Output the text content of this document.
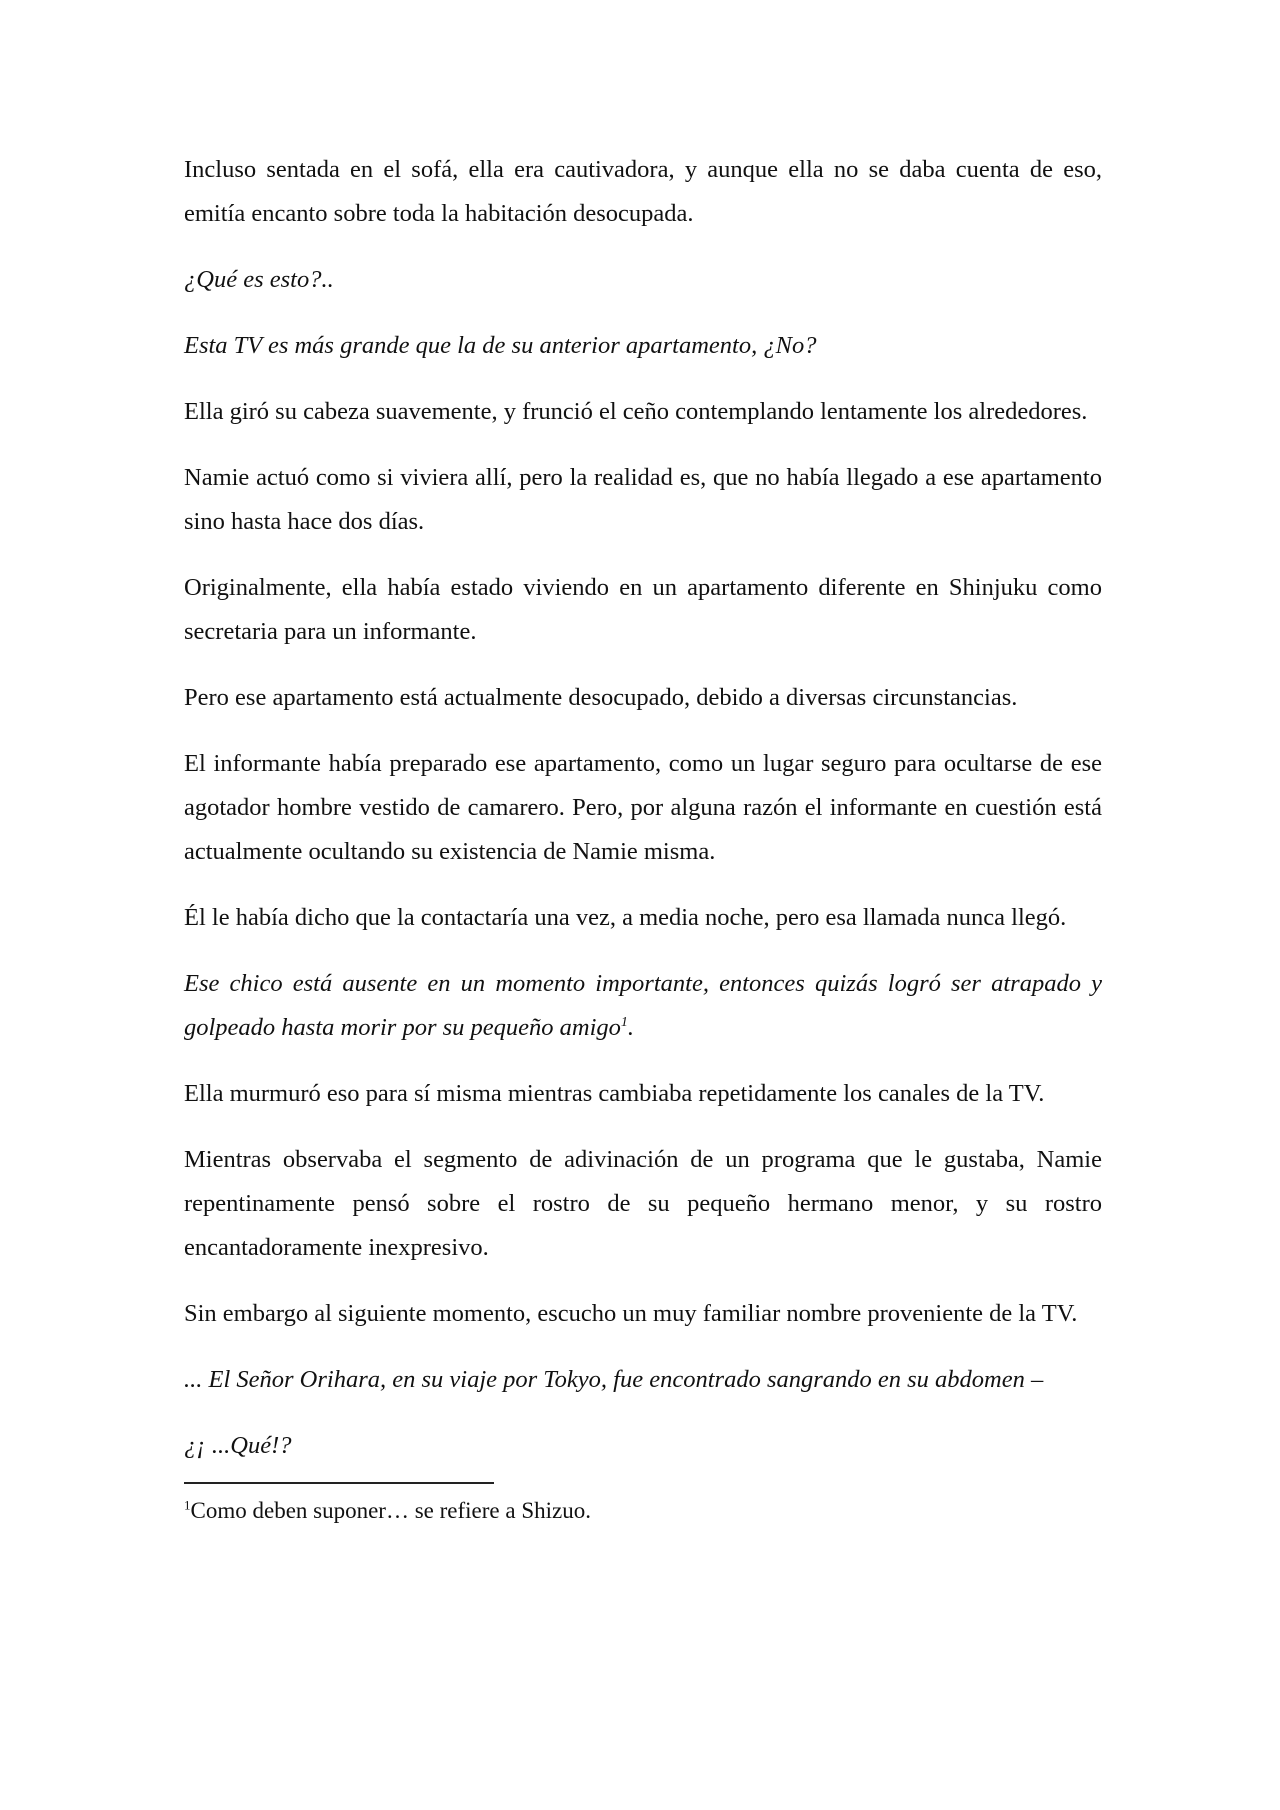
Incluso sentada en el sofá, ella era cautivadora, y aunque ella no se daba cuenta de eso, emitía encanto sobre toda la habitación desocupada.

¿Qué es esto?..

Esta TV es más grande que la de su anterior apartamento, ¿No?

Ella giró su cabeza suavemente, y frunció el ceño contemplando lentamente los alrededores.

Namie actuó como si viviera allí, pero la realidad es, que no había llegado a ese apartamento sino hasta hace dos días.

Originalmente, ella había estado viviendo en un apartamento diferente en Shinjuku como secretaria para un informante.

Pero ese apartamento está actualmente desocupado, debido a diversas circunstancias.

El informante había preparado ese apartamento, como un lugar seguro para ocultarse de ese agotador hombre vestido de camarero. Pero, por alguna razón el informante en cuestión está actualmente ocultando su existencia de Namie misma.

Él le había dicho que la contactaría una vez, a media noche, pero esa llamada nunca llegó.

Ese chico está ausente en un momento importante, entonces quizás logró ser atrapado y golpeado hasta morir por su pequeño amigo$^1$.

Ella murmuró eso para sí misma mientras cambiaba repetidamente los canales de la TV.

Mientras observaba el segmento de adivinación de un programa que le gustaba, Namie repentinamente pensó sobre el rostro de su pequeño hermano menor, y su rostro encantadoramente inexpresivo.

Sin embargo al siguiente momento, escucho un muy familiar nombre proveniente de la TV.

... El Señor Orihara, en su viaje por Tokyo, fue encontrado sangrando en su abdomen –

¿¡ ...Qué!?

$^1$Como deben suponer… se refiere a Shizuo.
